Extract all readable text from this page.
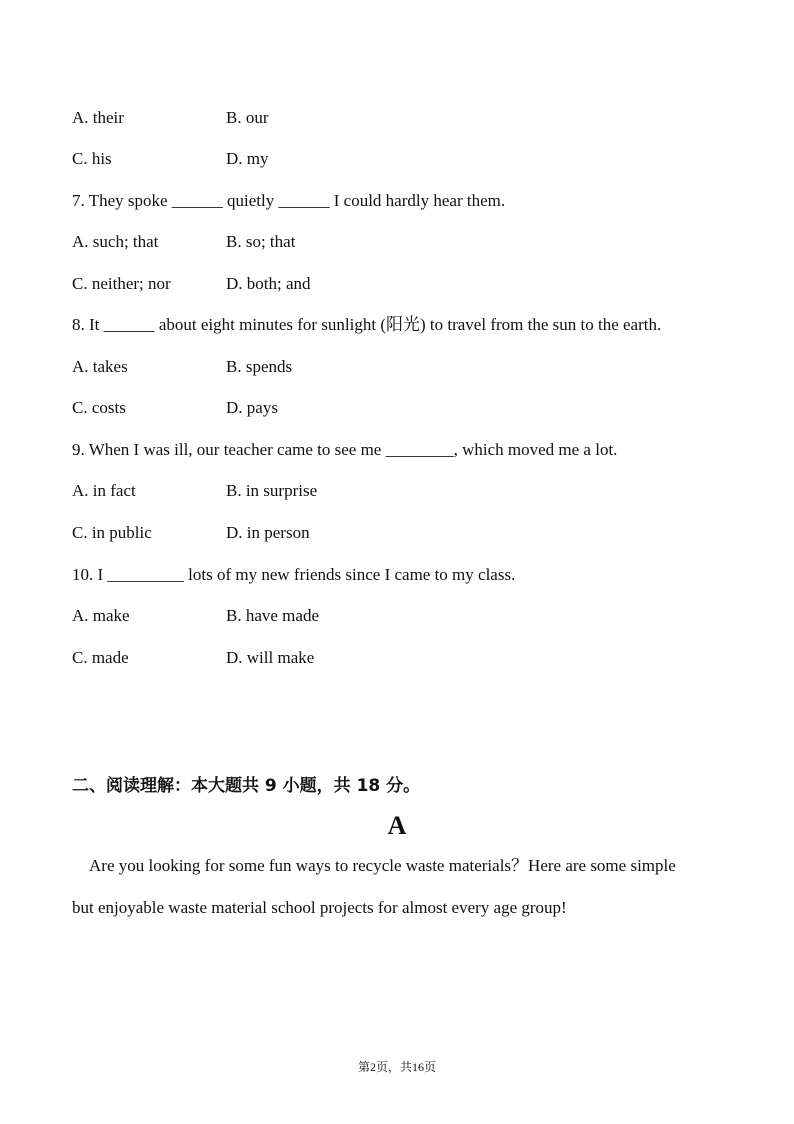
A. their	B. our
C. his	D. my
7. They spoke ______ quietly ______ I could hardly hear them.
A. such; that	B. so; that
C. neither; nor	D. both; and
8. It ______ about eight minutes for sunlight (阳光) to travel from the sun to the earth.
A. takes	B. spends
C. costs	D. pays
9. When I was ill, our teacher came to see me ________, which moved me a lot.
A. in fact	B. in surprise
C. in public	D. in person
10. I _________ lots of my new friends since I came to my class.
A. make	B. have made
C. made	D. will make
二、阅读理解：本大题共 9 小题，共 18 分。
A

Are you looking for some fun ways to recycle waste materials？Here are some simple

but enjoyable waste material school projects for almost every age group!

第2页，共16页
